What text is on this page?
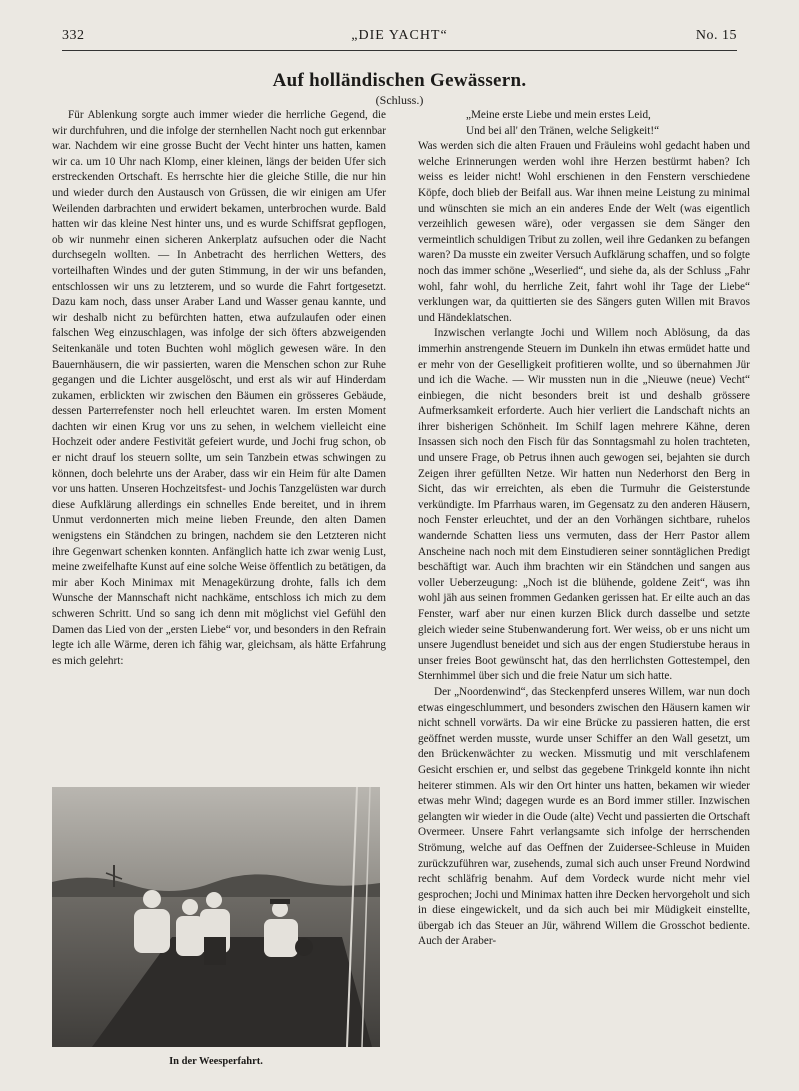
332	„DIE YACHT“	No. 15
Auf holländischen Gewässern.
(Schluss.)

Für Ablenkung sorgte auch immer wieder die herrliche Gegend, die wir durchfuhren, und die infolge der sternhellen Nacht noch gut erkennbar war. Nachdem wir eine grosse Bucht der Vecht hinter uns hatten, kamen wir ca. um 10 Uhr nach Klomp, einer kleinen, längs der beiden Ufer sich erstreckenden Ortschaft. Es herrschte hier die gleiche Stille, die nur hin und wieder durch den Austausch von Grüssen, die wir einigen am Ufer Weilenden darbrachten und erwidert bekamen, unterbrochen wurde. Bald hatten wir das kleine Nest hinter uns, und es wurde Schiffsrat gepflogen, ob wir nunmehr einen sicheren Ankerplatz aufsuchen oder die Nacht durchsegeln wollten. — In Anbetracht des herrlichen Wetters, des vorteilhaften Windes und der guten Stimmung, in der wir uns befanden, entschlossen wir uns zu letzterem, und so wurde die Fahrt fortgesetzt. Dazu kam noch, dass unser Araber Land und Wasser genau kannte, und wir deshalb nicht zu befürchten hatten, etwa aufzulaufen oder einen falschen Weg einzuschlagen, was infolge der sich öfters abzweigenden Seitenkanäle und toten Buchten wohl möglich gewesen wäre. In den Bauernhäusern, die wir passierten, waren die Menschen schon zur Ruhe gegangen und die Lichter ausgelöscht, und erst als wir auf Hinderdam zukamen, erblickten wir zwischen den Bäumen ein grösseres Gebäude, dessen Parterrefenster noch hell erleuchtet waren. Im ersten Moment dachten wir einen Krug vor uns zu sehen, in welchem vielleicht eine Hochzeit oder andere Festivität gefeiert wurde, und Jochi frug schon, ob er nicht drauf los steuern sollte, um sein Tanzbein etwas schwingen zu können, doch belehrte uns der Araber, dass wir ein Heim für alte Damen vor uns hatten. Unseren Hochzeitsfest- und Jochis Tanzgelüsten war durch diese Aufklärung allerdings ein schnelles Ende bereitet, und in ihrem Unmut verdonnerten mich meine lieben Freunde, den alten Damen wenigstens ein Ständchen zu bringen, nachdem sie den Letzteren nicht ihre Gegenwart schenken konnten. Anfänglich hatte ich zwar wenig Lust, meine zweifelhafte Kunst auf eine solche Weise öffentlich zu betätigen, da mir aber Koch Minimax mit Menagekürzung drohte, falls ich dem Wunsche der Mannschaft nicht nachkäme, entschloss ich mich zu dem schweren Schritt. Und so sang ich denn mit möglichst viel Gefühl den Damen das Lied von der „ersten Liebe“ vor, und besonders in den Refrain legte ich alle Wärme, deren ich fähig war, gleichsam, als hätte Erfahrung es mich gelehrt:

In der Weesperfahrt.

„Meine erste Liebe und mein erstes Leid,

Und bei all' den Tränen, welche Seligkeit!“

Was werden sich die alten Frauen und Fräuleins wohl gedacht haben und welche Erinnerungen werden wohl ihre Herzen bestürmt haben? Ich weiss es leider nicht! Wohl erschienen in den Fenstern verschiedene Köpfe, doch blieb der Beifall aus. War ihnen meine Leistung zu minimal und wünschten sie mich an ein anderes Ende der Welt (was eigentlich verzeihlich gewesen wäre), oder vergassen sie dem Sänger den vermeintlich schuldigen Tribut zu zollen, weil ihre Gedanken zu befangen waren? Da musste ein zweiter Versuch Aufklärung schaffen, und so folgte noch das immer schöne „Weserlied“, und siehe da, als der Schluss „Fahr wohl, fahr wohl, du herrliche Zeit, fahrt wohl ihr Tage der Liebe“ verklungen war, da quittierten sie des Sängers guten Willen mit Bravos und Händeklatschen.

Inzwischen verlangte Jochi und Willem noch Ablösung, da das immerhin anstrengende Steuern im Dunkeln ihn etwas ermüdet hatte und er mehr von der Geselligkeit profitieren wollte, und so übernahmen Jür und ich die Wache. — Wir mussten nun in die „Nieuwe (neue) Vecht“ einbiegen, die nicht besonders breit ist und deshalb grössere Aufmerksamkeit erforderte. Auch hier verliert die Landschaft nichts an ihrer bisherigen Schönheit. Im Schilf lagen mehrere Kähne, deren Insassen sich noch den Fisch für das Sonntagsmahl zu holen trachteten, und unsere Frage, ob Petrus ihnen auch gewogen sei, bejahten sie durch Zeigen ihrer gefüllten Netze. Wir hatten nun Nederhorst den Berg in Sicht, das wir erreichten, als eben die Turmuhr die Geisterstunde verkündigte. Im Pfarrhaus waren, im Gegensatz zu den anderen Häusern, noch Fenster erleuchtet, und der an den Vorhängen sichtbare, ruhelos wandernde Schatten liess uns vermuten, dass der Herr Pastor allem Anscheine nach noch mit dem Einstudieren seiner sonntäglichen Predigt beschäftigt war. Auch ihm brachten wir ein Ständchen und sangen aus voller Ueberzeugung: „Noch ist die blühende, goldene Zeit“, was ihn wohl jäh aus seinen frommen Gedanken gerissen hat. Er eilte auch an das Fenster, warf aber nur einen kurzen Blick durch dasselbe und setzte gleich wieder seine Stubenwanderung fort. Wer weiss, ob er uns nicht um unsere Jugendlust beneidet und sich aus der engen Studierstube heraus in unser freies Boot gewünscht hat, das den herrlichsten Gottestempel, den Sternhimmel über sich und die freie Natur um sich hatte.

Der „Noordenwind“, das Steckenpferd unseres Willem, war nun doch etwas eingeschlummert, und besonders zwischen den Häusern kamen wir nicht schnell vorwärts. Da wir eine Brücke zu passieren hatten, die erst geöffnet werden musste, wurde unser Schiffer an den Wall gesetzt, um den Brückenwächter zu wecken. Missmutig und mit verschlafenem Gesicht erschien er, und selbst das gegebene Trinkgeld konnte ihn nicht heiterer stimmen. Als wir den Ort hinter uns hatten, bekamen wir wieder etwas mehr Wind; dagegen wurde es an Bord immer stiller. Inzwischen gelangten wir wieder in die Oude (alte) Vecht und passierten die Ortschaft Overmeer. Unsere Fahrt verlangsamte sich infolge der herrschenden Strömung, welche auf das Oeffnen der Zuidersee-Schleuse in Muiden zurückzuführen war, zusehends, zumal sich auch unser Freund Nordwind recht schläfrig benahm. Auf dem Vordeck wurde nicht mehr viel gesprochen; Jochi und Minimax hatten ihre Decken hervorgeholt und sich in diese eingewickelt, und da sich auch bei mir Müdigkeit einstellte, übergab ich das Steuer an Jür, während Willem die Grosschot bediente. Auch der Araber-
